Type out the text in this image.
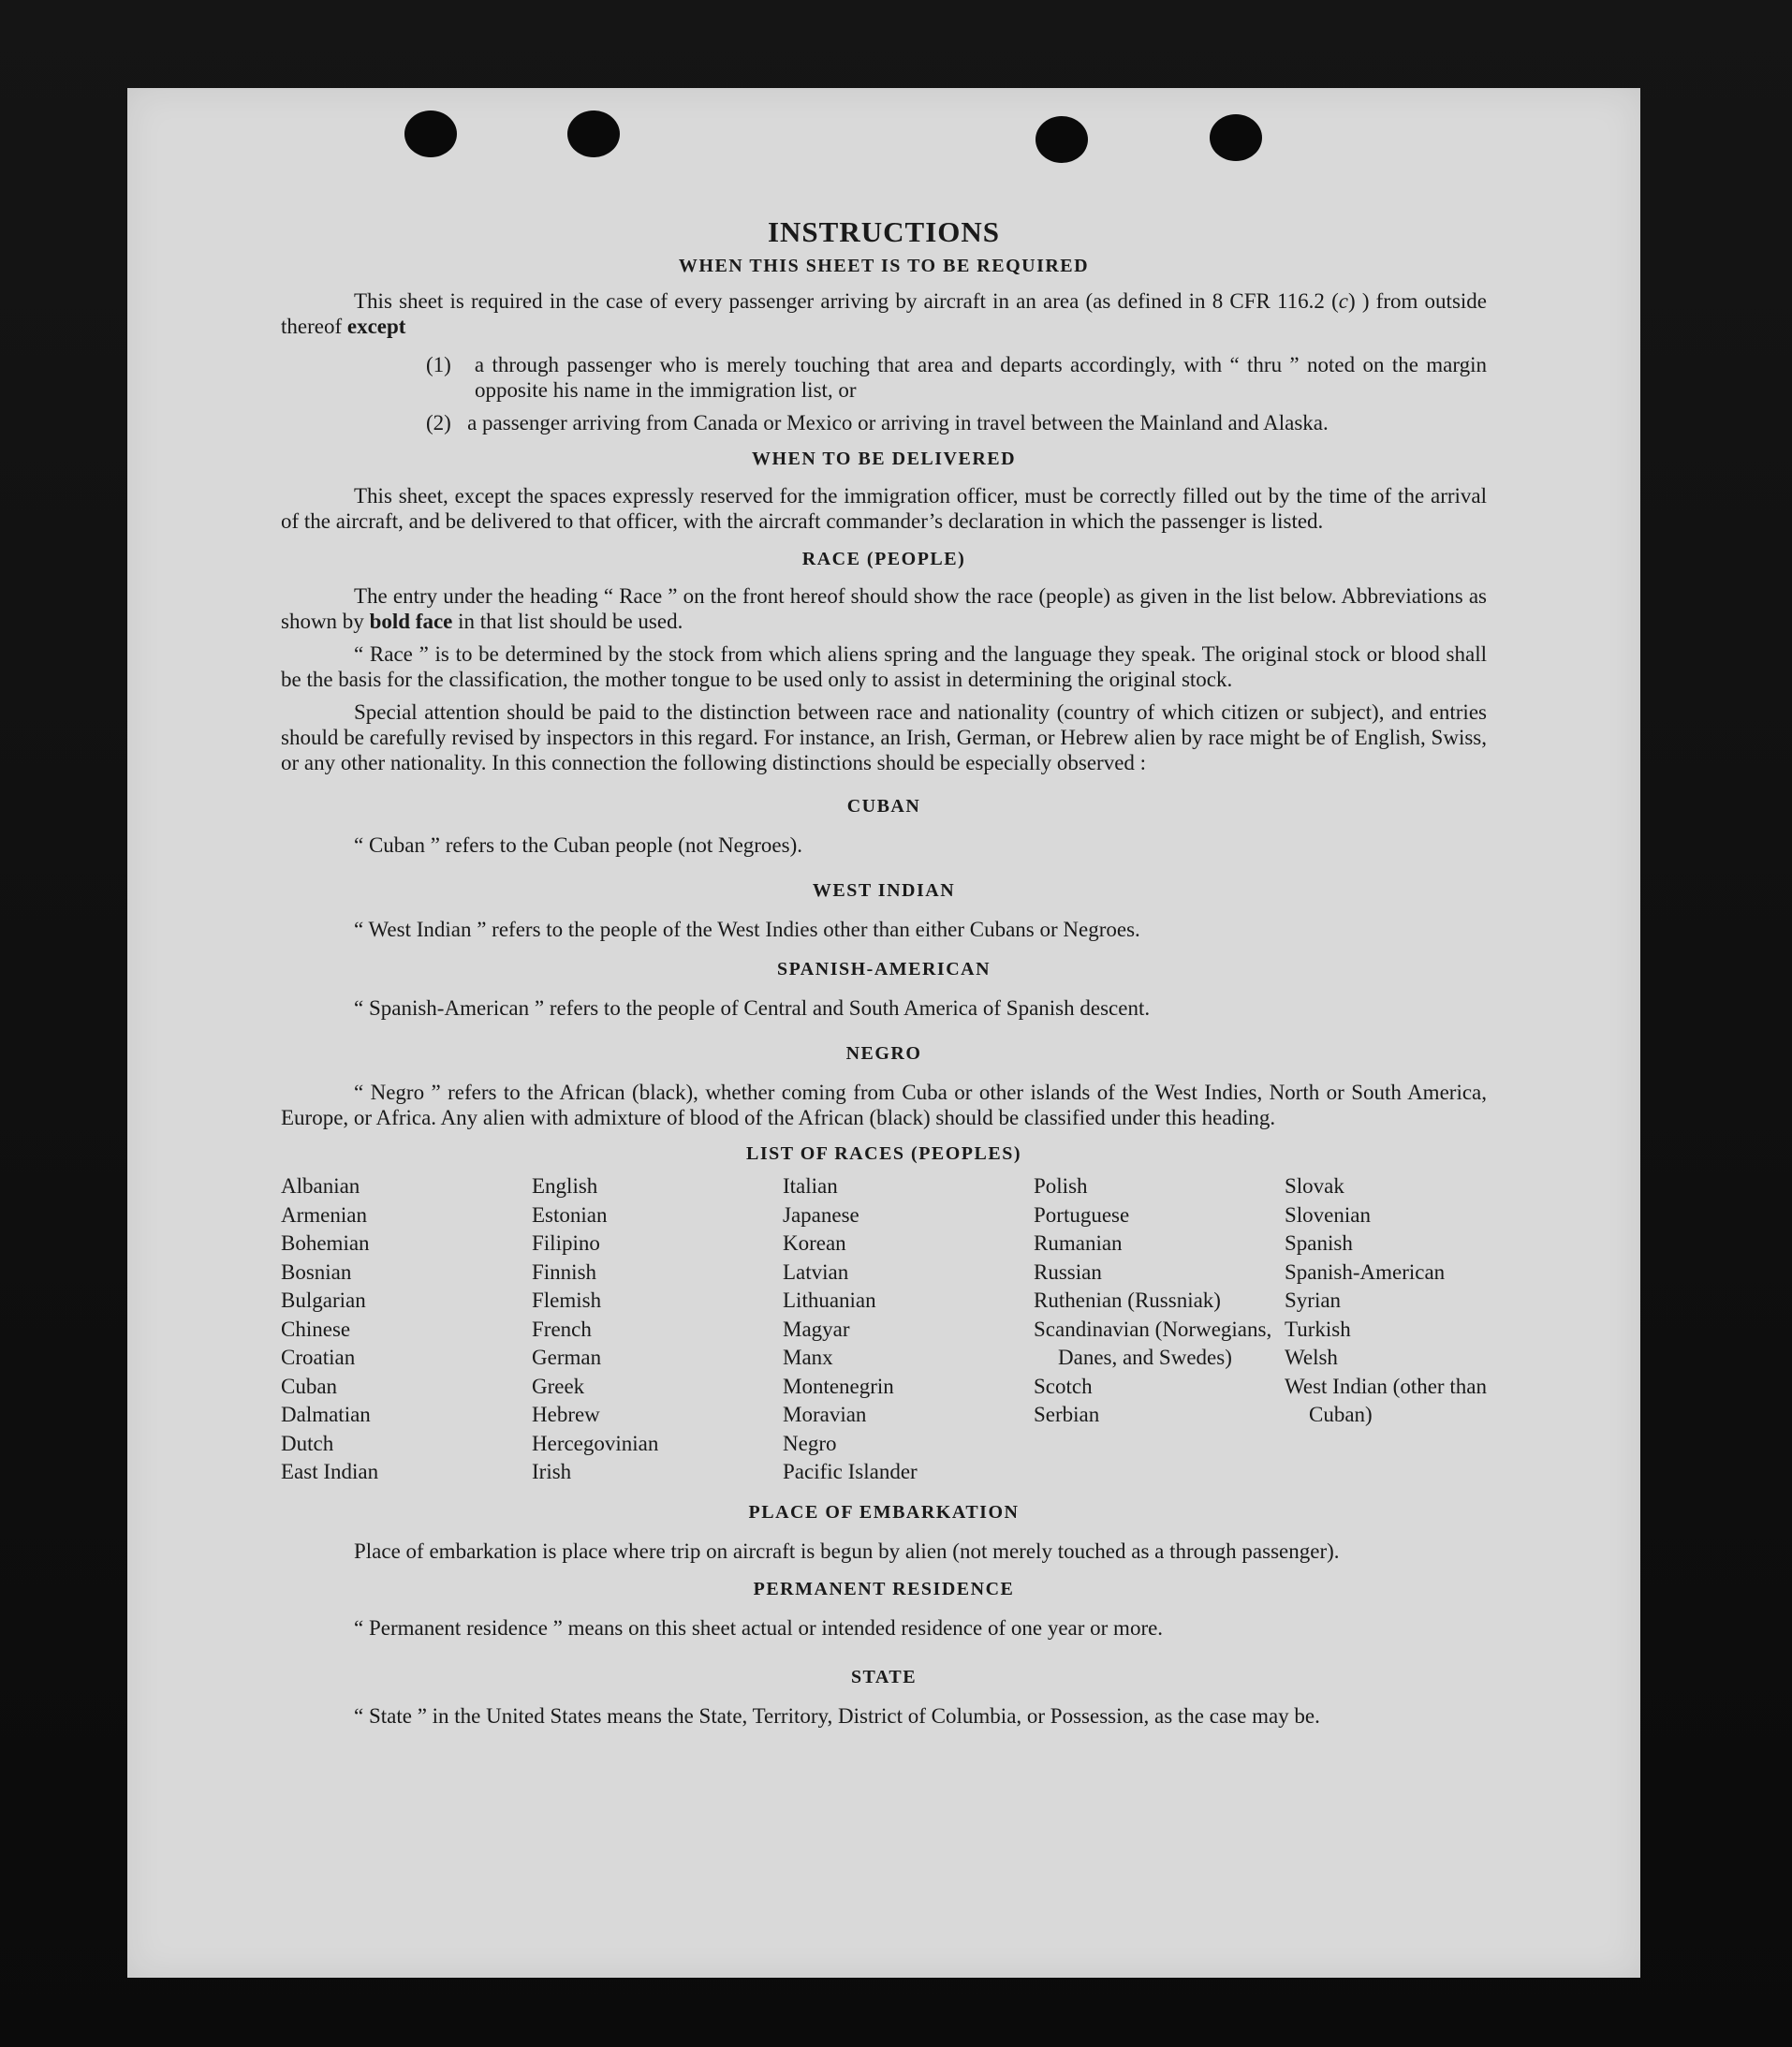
INSTRUCTIONS
WHEN THIS SHEET IS TO BE REQUIRED

This sheet is required in the case of every passenger arriving by aircraft in an area (as defined in 8 CFR 116.2 (c) ) from outside thereof except

(1) a through passenger who is merely touching that area and departs accordingly, with “ thru ” noted on the margin opposite his name in the immigration list, or

(2) a passenger arriving from Canada or Mexico or arriving in travel between the Mainland and Alaska.

WHEN TO BE DELIVERED

This sheet, except the spaces expressly reserved for the immigration officer, must be correctly filled out by the time of the arrival of the aircraft, and be delivered to that officer, with the aircraft commander’s declaration in which the passenger is listed.

RACE (PEOPLE)

The entry under the heading “ Race ” on the front hereof should show the race (people) as given in the list below. Abbreviations as shown by bold face in that list should be used.

“ Race ” is to be determined by the stock from which aliens spring and the language they speak. The original stock or blood shall be the basis for the classification, the mother tongue to be used only to assist in determining the original stock.

Special attention should be paid to the distinction between race and nationality (country of which citizen or subject), and entries should be carefully revised by inspectors in this regard. For instance, an Irish, German, or Hebrew alien by race might be of English, Swiss, or any other nationality. In this connection the following distinctions should be especially observed :

CUBAN

“ Cuban ” refers to the Cuban people (not Negroes).

WEST INDIAN

“ West Indian ” refers to the people of the West Indies other than either Cubans or Negroes.

SPANISH-AMERICAN

“ Spanish-American ” refers to the people of Central and South America of Spanish descent.

NEGRO

“ Negro ” refers to the African (black), whether coming from Cuba or other islands of the West Indies, North or South America, Europe, or Africa. Any alien with admixture of blood of the African (black) should be classified under this heading.

LIST OF RACES (PEOPLES)
Albanian
Armenian
Bohemian
Bosnian
Bulgarian
Chinese
Croatian
Cuban
Dalmatian
Dutch
East Indian
English
Estonian
Filipino
Finnish
Flemish
French
German
Greek
Hebrew
Hercegovinian
Irish
Italian
Japanese
Korean
Latvian
Lithuanian
Magyar
Manx
Montenegrin
Moravian
Negro
Pacific Islander
Polish
Portuguese
Rumanian
Russian
Ruthenian (Russniak)
Scandinavian (Norwegians, Danes, and Swedes)
Scotch
Serbian
Slovak
Slovenian
Spanish
Spanish-American
Syrian
Turkish
Welsh
West Indian (other than Cuban)
PLACE OF EMBARKATION

Place of embarkation is place where trip on aircraft is begun by alien (not merely touched as a through passenger).

PERMANENT RESIDENCE

“ Permanent residence ” means on this sheet actual or intended residence of one year or more.

STATE

“ State ” in the United States means the State, Territory, District of Columbia, or Possession, as the case may be.
